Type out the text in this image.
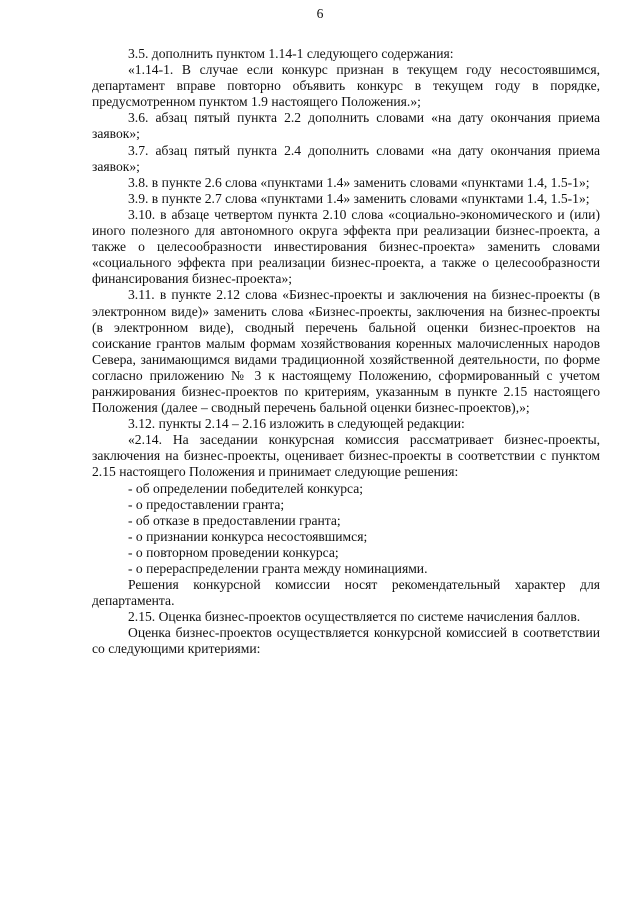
6

3.5. дополнить пунктом 1.14-1 следующего содержания:

«1.14-1. В случае если конкурс признан в текущем году несостоявшимся, департамент вправе повторно объявить конкурс в текущем году в порядке, предусмотренном пунктом 1.9 настоящего Положения.»;

3.6. абзац пятый пункта 2.2 дополнить словами «на дату окончания приема заявок»;

3.7. абзац пятый пункта 2.4 дополнить словами «на дату окончания приема заявок»;

3.8. в пункте 2.6 слова «пунктами 1.4» заменить словами «пунктами 1.4, 1.5-1»;

3.9. в пункте 2.7 слова «пунктами 1.4» заменить словами «пунктами 1.4, 1.5-1»;

3.10. в абзаце четвертом пункта 2.10 слова «социально-экономического и (или) иного полезного для автономного округа эффекта при реализации бизнес-проекта, а также о целесообразности инвестирования бизнес-проекта» заменить словами «социального эффекта при реализации бизнес-проекта, а также о целесообразности финансирования бизнес-проекта»;

3.11. в пункте 2.12 слова «Бизнес-проекты и заключения на бизнес-проекты (в электронном виде)» заменить слова «Бизнес-проекты, заключения на бизнес-проекты (в электронном виде), сводный перечень бальной оценки бизнес-проектов на соискание грантов малым формам хозяйствования коренных малочисленных народов Севера, занимающимся видами традиционной хозяйственной деятельности, по форме согласно приложению № 3 к настоящему Положению, сформированный с учетом ранжирования бизнес-проектов по критериям, указанным в пункте 2.15 настоящего Положения (далее – сводный перечень бальной оценки бизнес-проектов),»;

3.12. пункты 2.14 – 2.16 изложить в следующей редакции:

«2.14. На заседании конкурсная комиссия рассматривает бизнес-проекты, заключения на бизнес-проекты, оценивает бизнес-проекты в соответствии с пунктом 2.15 настоящего Положения и принимает следующие решения:

- об определении победителей конкурса;

- о предоставлении гранта;

- об отказе в предоставлении гранта;

- о признании конкурса несостоявшимся;

- о повторном проведении конкурса;

- о перераспределении гранта между номинациями.

Решения конкурсной комиссии носят рекомендательный характер для департамента.

2.15. Оценка бизнес-проектов осуществляется по системе начисления баллов.

Оценка бизнес-проектов осуществляется конкурсной комиссией в соответствии со следующими критериями:
